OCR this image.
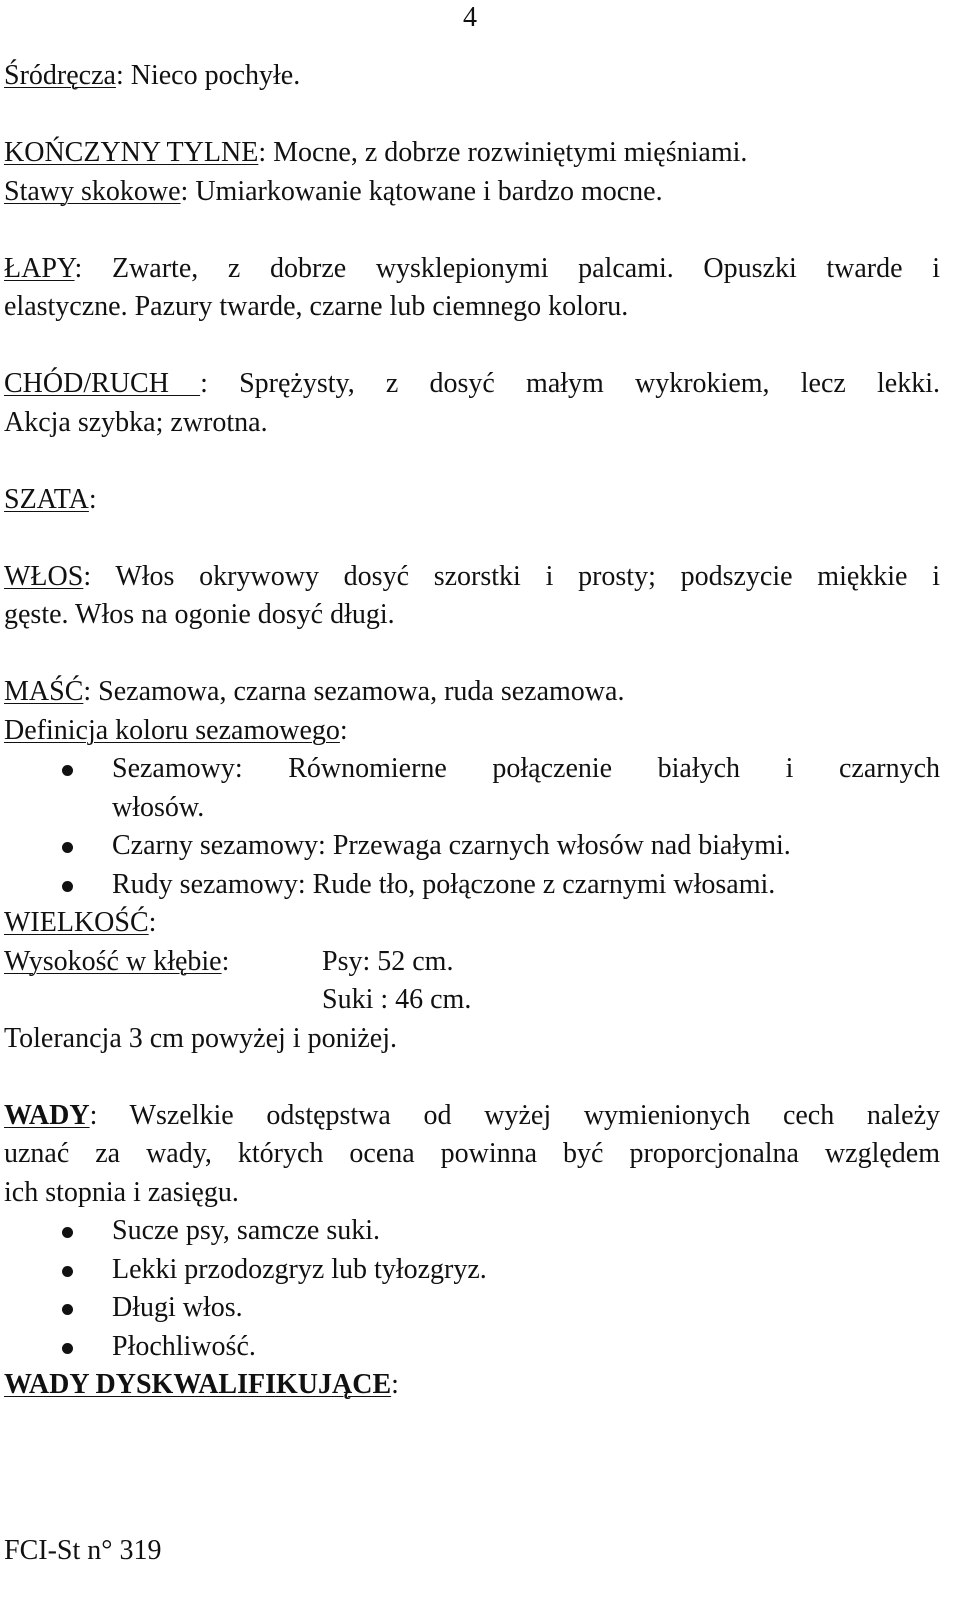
4
Śródręcza: Nieco pochyłe.
KOŃCZYNY TYLNE: Mocne, z dobrze rozwiniętymi mięśniami.
Stawy skokowe: Umiarkowanie kątowane i bardzo mocne.
ŁAPY: Zwarte, z dobrze wysklepionymi palcami. Opuszki twarde i
elastyczne. Pazury twarde, czarne lub ciemnego koloru.
CHÓD/RUCH : Sprężysty, z dosyć małym wykrokiem, lecz lekki.
Akcja szybka; zwrotna.
SZATA:
WŁOS: Włos okrywowy dosyć szorstki i prosty; podszycie miękkie i
gęste. Włos na ogonie dosyć długi.
MAŚĆ: Sezamowa, czarna sezamowa, ruda sezamowa.
Definicja koloru sezamowego:
Sezamowy: Równomierne połączenie białych i czarnych
włosów.
Czarny sezamowy: Przewaga czarnych włosów nad białymi.
Rudy sezamowy: Rude tło, połączone z czarnymi włosami.
WIELKOŚĆ:
Wysokość w kłębie:	Psy: 52 cm.
Suki : 46 cm.
Tolerancja 3 cm powyżej i poniżej.
WADY: Wszelkie odstępstwa od wyżej wymienionych cech należy
uznać za wady, których ocena powinna być proporcjonalna względem
ich stopnia i zasięgu.
Sucze psy, samcze suki.
Lekki przodozgryz lub tyłozgryz.
Długi włos.
Płochliwość.
WADY DYSKWALIFIKUJĄCE:
FCI-St n° 319
